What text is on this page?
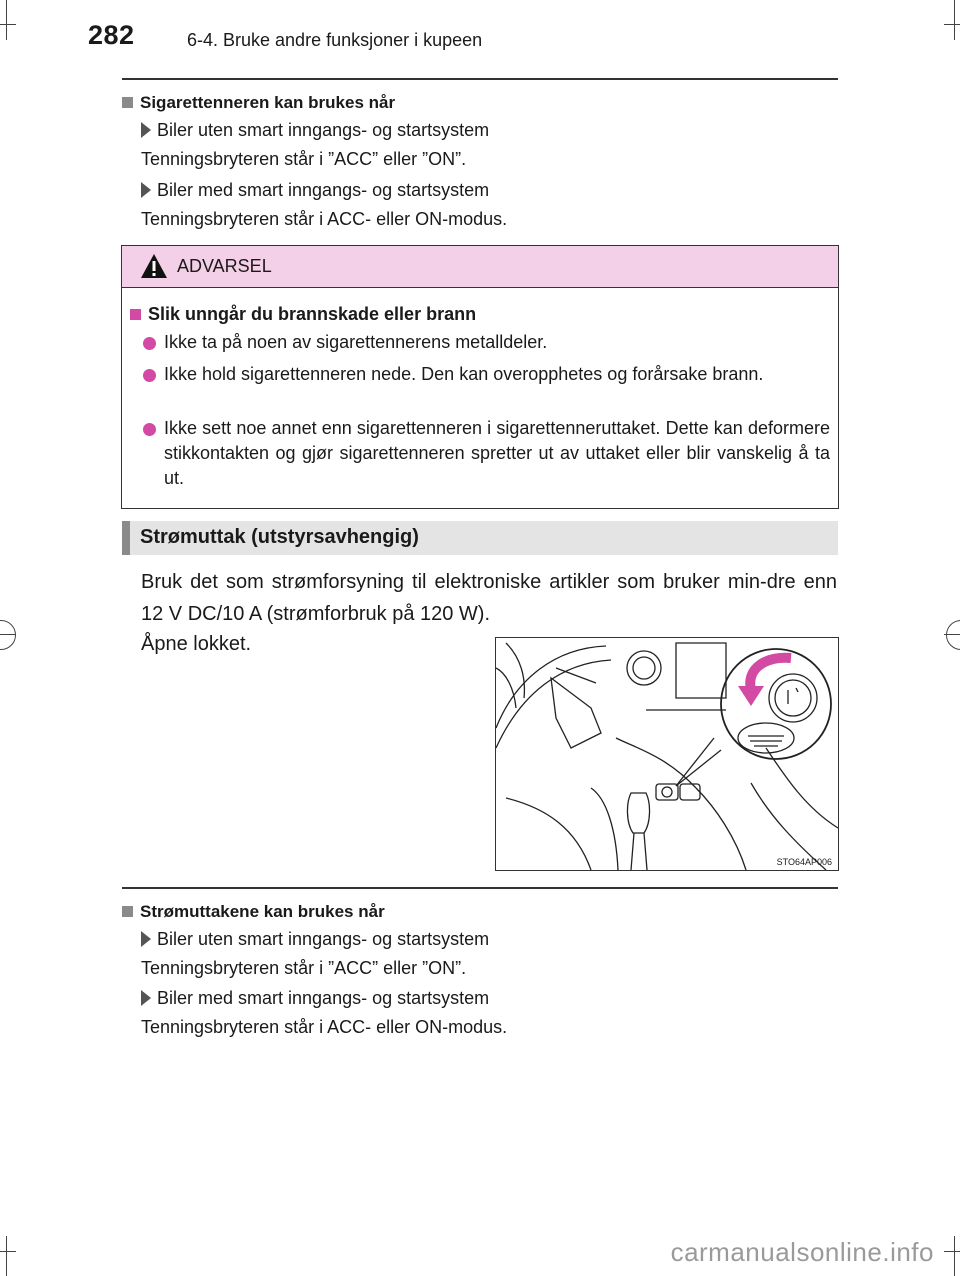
282	6-4. Bruke andre funksjoner i kupeen
Sigarettenneren kan brukes når
Biler uten smart inngangs- og startsystem
Tenningsbryteren står i ”ACC” eller ”ON”.
Biler med smart inngangs- og startsystem
Tenningsbryteren står i ACC- eller ON-modus.
ADVARSEL
Slik unngår du brannskade eller brann
Ikke ta på noen av sigarettennerens metalldeler.
Ikke hold sigarettenneren nede. Den kan overopphetes og forårsake brann.
Ikke sett noe annet enn sigarettenneren i sigarettenneruttaket. Dette kan deformere stikkontakten og gjør sigarettenneren spretter ut av uttaket eller blir vanskelig å ta ut.
Strømuttak (utstyrsavhengig)
Bruk det som strømforsyning til elektroniske artikler som bruker min-dre enn 12 V DC/10 A (strømforbruk på 120 W).
Åpne lokket.
STO64AP006
Strømuttakene kan brukes når
Biler uten smart inngangs- og startsystem
Tenningsbryteren står i ”ACC” eller ”ON”.
Biler med smart inngangs- og startsystem
Tenningsbryteren står i ACC- eller ON-modus.
carmanualsonline.info
